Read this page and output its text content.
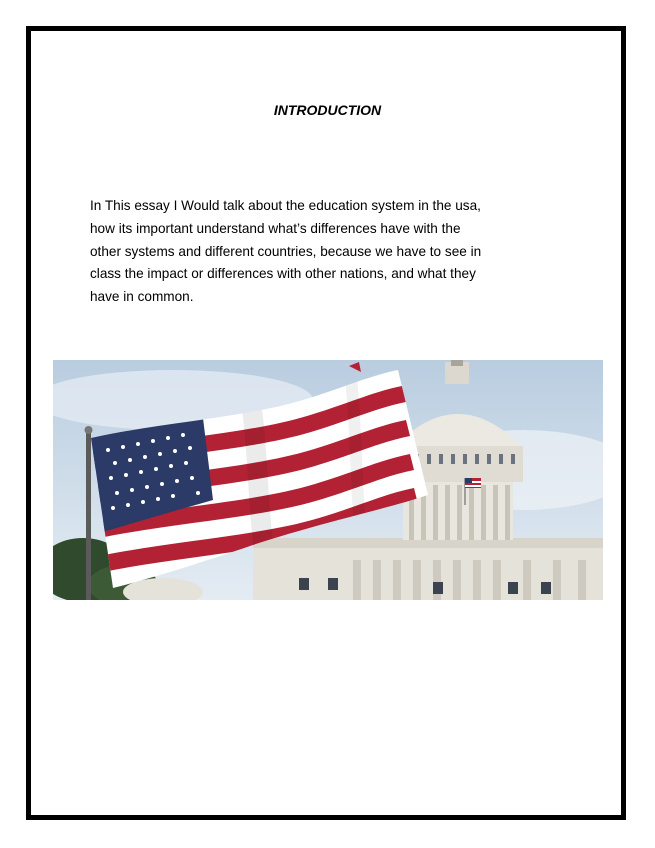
INTRODUCTION
In This essay I Would talk about the education system in the usa,
how its important understand what’s differences have with the
other systems and different countries, because we have to see in
class the impact or differences with other nations, and what they
have in common.
